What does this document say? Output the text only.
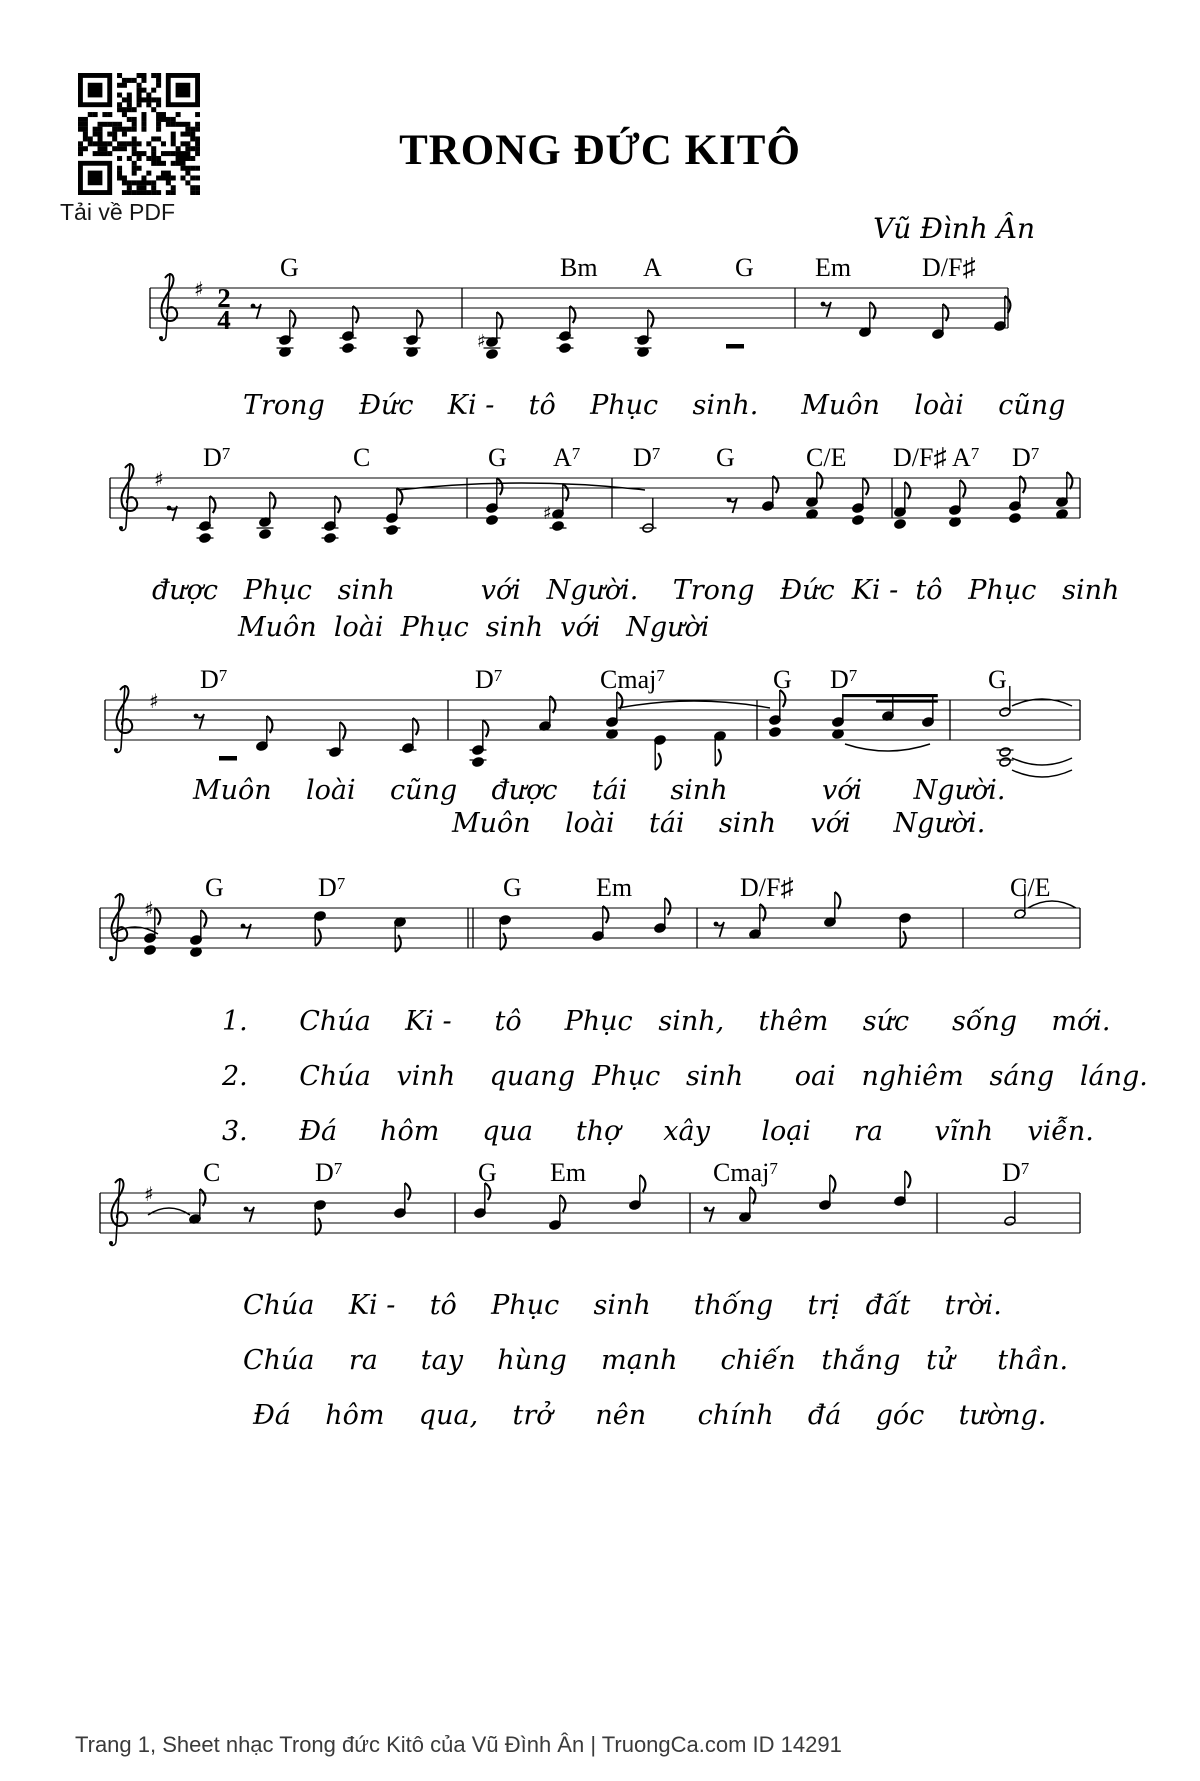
Tải về PDF
TRONG ĐỨC KITÔ
Vũ Đình Ân
♯ 2
4
♯
G	Bm A	G Em	D/F♯
♯
♯
$D^7$	C	G $A^7$ $D^7$ G	C/E D/F♯ $A^7$ $D^7$
♯
$D^7$	$D^7$	Cmaj$^7$	G $D^7$	G
♯
G	$D^7$	G	Em	D/F♯	C/E
♯
C	$D^7$	G Em	Cmaj$^7$	$D^7$
Trong    Đức    Ki -    tô    Phục    sinh.     Muôn    loài    cũng
được   Phục   sinh          với   Người.    Trong   Đức  Ki -  tô   Phục   sinh
Muôn  loài  Phục  sinh  với   Người
Muôn    loài    cũng    được    tái     sinh           với      Người.
Muôn    loài    tái    sinh    với     Người.
1.      Chúa    Ki -     tô     Phục   sinh,    thêm    sức     sống    mới.
2.      Chúa   vinh    quang  Phục   sinh      oai   nghiêm   sáng   láng.
3.      Đá     hôm     qua     thợ     xây      loại     ra      vĩnh    viễn.
Chúa    Ki -    tô    Phục    sinh     thống    trị   đất    trời.
Chúa    ra     tay    hùng    mạnh     chiến   thắng   tử     thần.
Đá    hôm    qua,    trở     nên      chính    đá    góc    tường.
Trang 1, Sheet nhạc Trong đức Kitô của Vũ Đình Ân | TruongCa.com ID 14291
